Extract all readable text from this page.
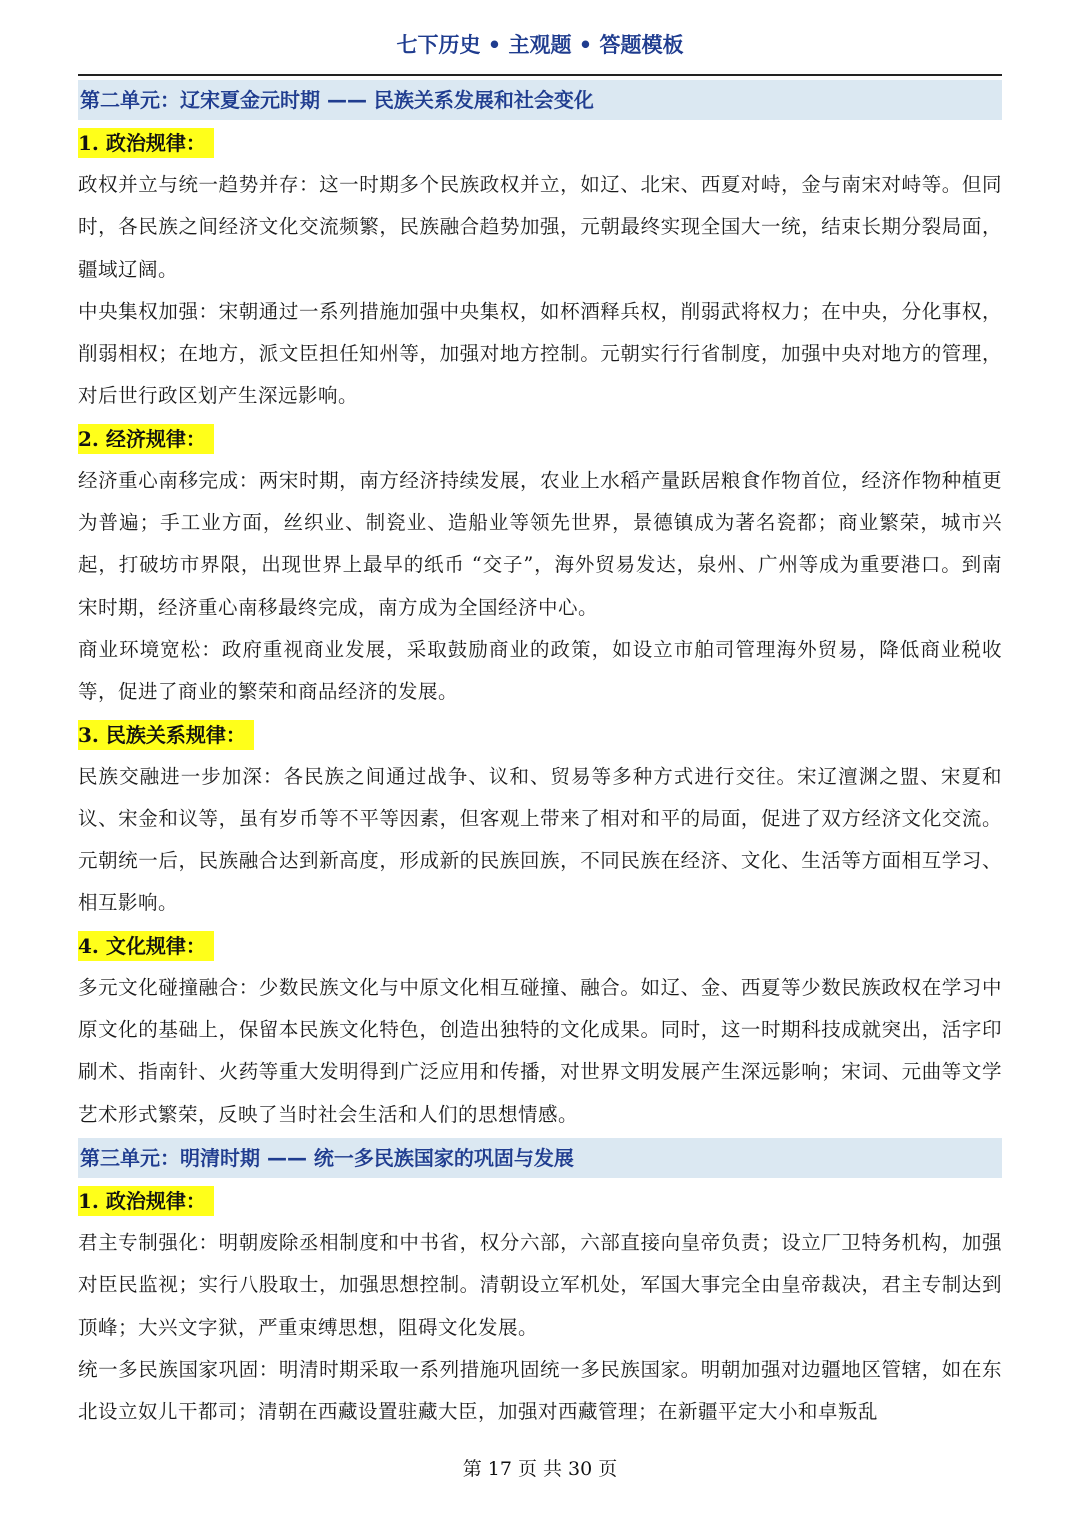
七下历史 • 主观题 • 答题模板
第二单元：辽宋夏金元时期 —— 民族关系发展和社会变化
1. 政治规律：

政权并立与统一趋势并存：这一时期多个民族政权并立，如辽、北宋、西夏对峙，金与南宋对峙等。但同时，各民族之间经济文化交流频繁，民族融合趋势加强，元朝最终实现全国大一统，结束长期分裂局面，疆域辽阔。

中央集权加强：宋朝通过一系列措施加强中央集权，如杯酒释兵权，削弱武将权力；在中央，分化事权，削弱相权；在地方，派文臣担任知州等，加强对地方控制。元朝实行行省制度，加强中央对地方的管理，对后世行政区划产生深远影响。

2. 经济规律：

经济重心南移完成：两宋时期，南方经济持续发展，农业上水稻产量跃居粮食作物首位，经济作物种植更为普遍；手工业方面，丝织业、制瓷业、造船业等领先世界，景德镇成为著名瓷都；商业繁荣，城市兴起，打破坊市界限，出现世界上最早的纸币 “交子”，海外贸易发达，泉州、广州等成为重要港口。到南宋时期，经济重心南移最终完成，南方成为全国经济中心。

商业环境宽松：政府重视商业发展，采取鼓励商业的政策，如设立市舶司管理海外贸易，降低商业税收等，促进了商业的繁荣和商品经济的发展。

3. 民族关系规律：

民族交融进一步加深：各民族之间通过战争、议和、贸易等多种方式进行交往。宋辽澶渊之盟、宋夏和议、宋金和议等，虽有岁币等不平等因素，但客观上带来了相对和平的局面，促进了双方经济文化交流。元朝统一后，民族融合达到新高度，形成新的民族回族，不同民族在经济、文化、生活等方面相互学习、相互影响。

4. 文化规律：

多元文化碰撞融合：少数民族文化与中原文化相互碰撞、融合。如辽、金、西夏等少数民族政权在学习中原文化的基础上，保留本民族文化特色，创造出独特的文化成果。同时，这一时期科技成就突出，活字印刷术、指南针、火药等重大发明得到广泛应用和传播，对世界文明发展产生深远影响；宋词、元曲等文学艺术形式繁荣，反映了当时社会生活和人们的思想情感。

第三单元：明清时期 —— 统一多民族国家的巩固与发展
1. 政治规律：

君主专制强化：明朝废除丞相制度和中书省，权分六部，六部直接向皇帝负责；设立厂卫特务机构，加强对臣民监视；实行八股取士，加强思想控制。清朝设立军机处，军国大事完全由皇帝裁决，君主专制达到顶峰；大兴文字狱，严重束缚思想，阻碍文化发展。

统一多民族国家巩固：明清时期采取一系列措施巩固统一多民族国家。明朝加强对边疆地区管辖，如在东北设立奴儿干都司；清朝在西藏设置驻藏大臣，加强对西藏管理；在新疆平定大小和卓叛乱

第 17 页 共 30 页
